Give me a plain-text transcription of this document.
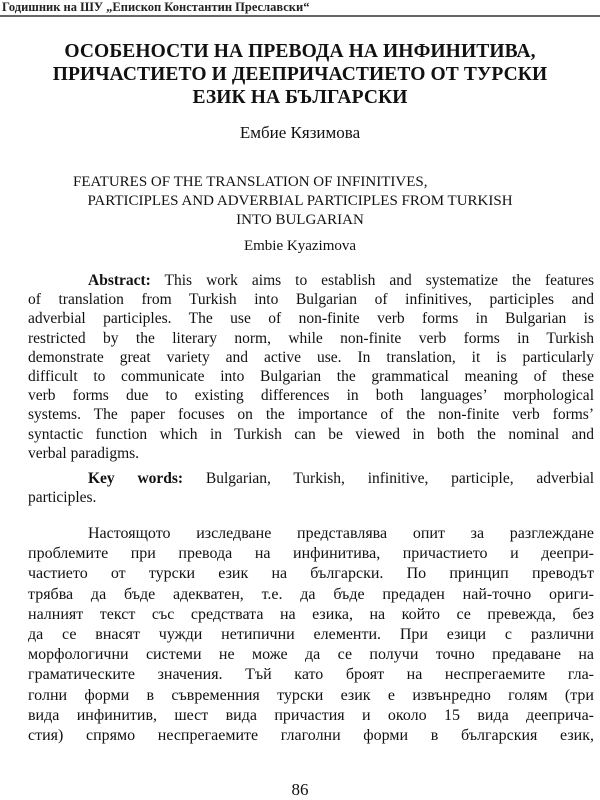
Годишник на ШУ „Епископ Константин Преславски“
ОСОБЕНОСТИ НА ПРЕВОДА НА ИНФИНИТИВА,
ПРИЧАСТИЕТО И ДЕЕПРИЧАСТИЕТО ОТ ТУРСКИ
ЕЗИК НА БЪЛГАРСКИ
Ембие Кязимова
FEATURES OF THE TRANSLATION OF INFINITIVES,
PARTICIPLES AND ADVERBIAL PARTICIPLES FROM TURKISH
INTO BULGARIAN
Embie Kyazimova
Abstract: This work aims to establish and systematize the features
of translation from Turkish into Bulgarian of infinitives, participles and
adverbial participles. The use of non-finite verb forms in Bulgarian is
restricted by the literary norm, while non-finite verb forms in Turkish
demonstrate great variety and active use. In translation, it is particularly
difficult to communicate into Bulgarian the grammatical meaning of these
verb forms due to existing differences in both languages’ morphological
systems. The paper focuses on the importance of the non-finite verb forms’
syntactic function which in Turkish can be viewed in both the nominal and
verbal paradigms.
Key words: Bulgarian, Turkish, infinitive, participle, adverbial
participles.
Настоящото изследване представлява опит за разглеждане
проблемите при превода на инфинитива, причастието и деепри-
частието от турски език на български. По принцип преводът
трябва да бъде адекватен, т.е. да бъде предаден най-точно ориги-
налният текст със средствата на езика, на който се превежда, без
да се внасят чужди нетипични елементи. При езици с различни
морфологични системи не може да се получи точно предаване на
граматическите значения. Тъй като броят на неспрегаемите гла-
голни форми в съвременния турски език е извънредно голям (три
вида инфинитив, шест вида причастия и около 15 вида дееприча-
стия) спрямо неспрегаемите глаголни форми в българския език,
86
